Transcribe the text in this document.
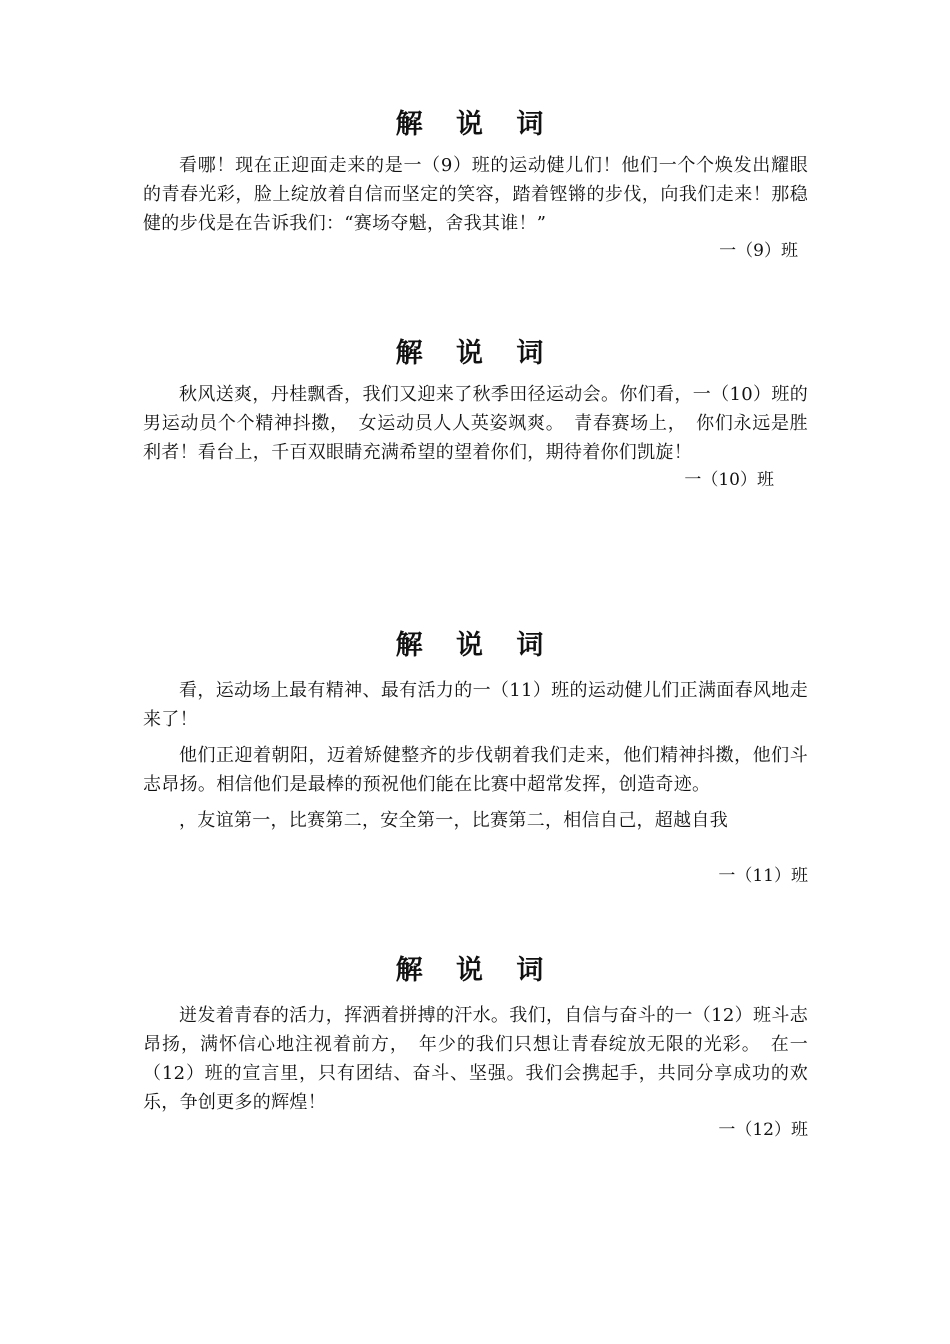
解 说 词

看哪！现在正迎面走来的是一（9）班的运动健儿们！他们一个个焕发出耀眼的青春光彩，脸上绽放着自信而坚定的笑容，踏着铿锵的步伐，向我们走来！那稳健的步伐是在告诉我们：“赛场夺魁，舍我其谁！”

一（9）班

解 说 词

秋风送爽，丹桂飘香，我们又迎来了秋季田径运动会。你们看，一（10）班的男运动员个个精神抖擞，　女运动员人人英姿飒爽。　青春赛场上，　你们永远是胜利者！看台上，千百双眼睛充满希望的望着你们，期待着你们凯旋！

一（10）班

解 说 词

看，运动场上最有精神、最有活力的一（11）班的运动健儿们正满面春风地走来了！

他们正迎着朝阳，迈着矫健整齐的步伐朝着我们走来，他们精神抖擞，他们斗志昂扬。相信他们是最棒的预祝他们能在比赛中超常发挥，创造奇迹。

，友谊第一，比赛第二，安全第一，比赛第二，相信自己，超越自我

一（11）班

解 说 词

迸发着青春的活力，挥洒着拼搏的汗水。我们，自信与奋斗的一（12）班斗志昂扬，满怀信心地注视着前方，　年少的我们只想让青春绽放无限的光彩。　在一（12）班的宣言里，只有团结、奋斗、坚强。我们会携起手，共同分享成功的欢乐，争创更多的辉煌！

一（12）班
